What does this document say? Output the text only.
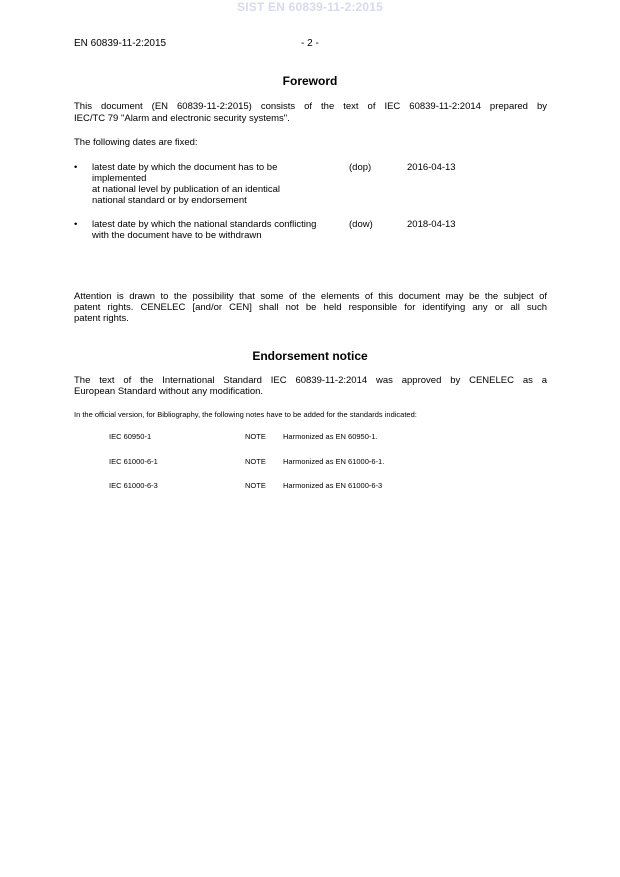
SIST EN 60839-11-2:2015
EN 60839-11-2:2015	- 2 -
Foreword
This document (EN 60839-11-2:2015) consists of the text of IEC 60839-11-2:2014 prepared by
IEC/TC 79 "Alarm and electronic security systems".
The following dates are fixed:
• latest date by which the document has to be
implemented
at national level by publication of an identical
national standard or by endorsement
(dop)	2016-04-13
• latest date by which the national standards conflicting
with the document have to be withdrawn
(dow)	2018-04-13
Attention is drawn to the possibility that some of the elements of this document may be the subject of
patent rights. CENELEC [and/or CEN] shall not be held responsible for identifying any or all such
patent rights.
Endorsement notice
The text of the International Standard IEC 60839-11-2:2014 was approved by CENELEC as a
European Standard without any modification.
In the official version, for Bibliography, the following notes have to be added for the standards indicated:
IEC 60950-1	NOTE Harmonized as EN 60950-1.
IEC 61000-6-1	NOTE Harmonized as EN 61000-6-1.
IEC 61000-6-3	NOTE Harmonized as EN 61000-6-3
